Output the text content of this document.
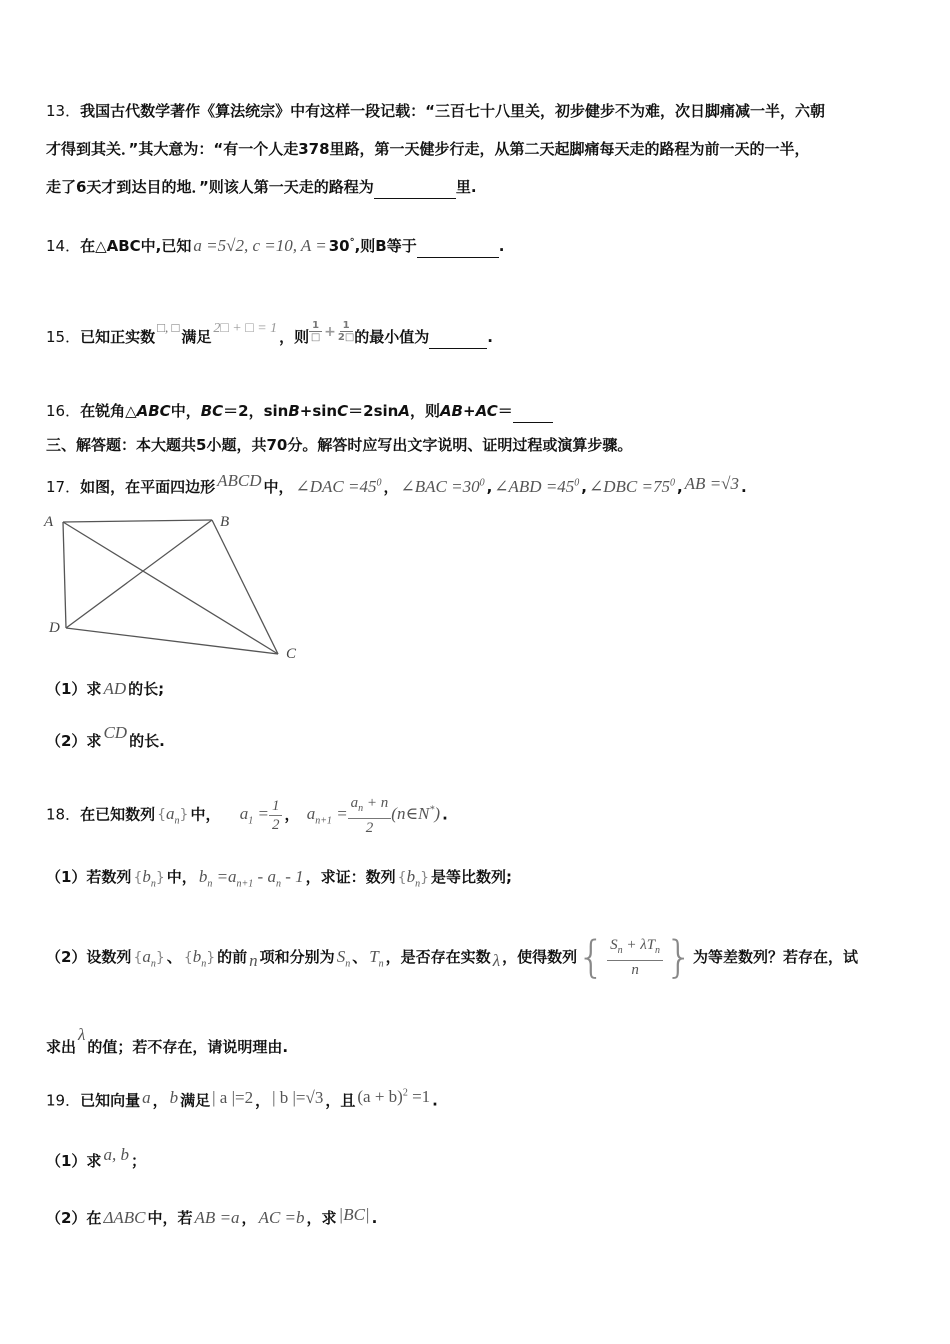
13．我国古代数学著作《算法统宗》中有这样一段记载：“三百七十八里关，初步健步不为难，次日脚痛减一半，六朝
才得到其关．”其大意为：“有一个人走378里路，第一天健步行走，从第二天起脚痛每天走的路程为前一天的一半，
走了6天才到达目的地．”则该人第一天走的路程为	里.
14．在△ABC中,已知 a =5√2, c =10, A = 30°,则B等于	.
15．已知正实数□, □满足 2□ + □ = 1 ，则 $\frac{1}{□} + \frac{1}{2□}$ 的最小值为	.
16．在锐角△ABC中，BC＝2，sinB+sinC＝2sinA，则AB+AC＝
三、解答题：本大题共5小题，共70分。解答时应写出文字说明、证明过程或演算步骤。
17．如图，在平面四边形 ABCD 中， ∠DAC $=45^0$ ， ∠BAC $=30^0$ , ∠ABD $=45^0$ , ∠DBC $=75^0$ , AB =√3 .
A	B
C
D
（1）求 AD 的长;
（2）求 CD 的长.
18．在已知数列 $\{a_n\}$ 中， $a_1 = \frac{1}{2}$ ， $a_{n+1} = \frac{a_n + n}{2}$ (n∈N*) .
（1）若数列 $\{b_n\}$ 中， $b_n =a_{n+1} - a_n - 1$ ，求证：数列 $\{b_n\}$ 是等比数列;
（2）设数列 $\{a_n\}$ 、 $\{b_n\}$ 的前 n 项和分别为 $S_n$ 、 $T_n$ ，是否存在实数 λ ，使得数列{ $\frac{S_n + \lambda T_n}{n}$ }为等差数列？若存在，试
求出λ的值；若不存在，请说明理由.
19．已知向量 a ， b 满足 | a |=2 ， | b |=√3 ，且 $(a + b)^2 =1$ .
（1）求 a, b ；
（2）在 ΔABC 中，若 AB =a ， AC =b ，求 |BC| .
